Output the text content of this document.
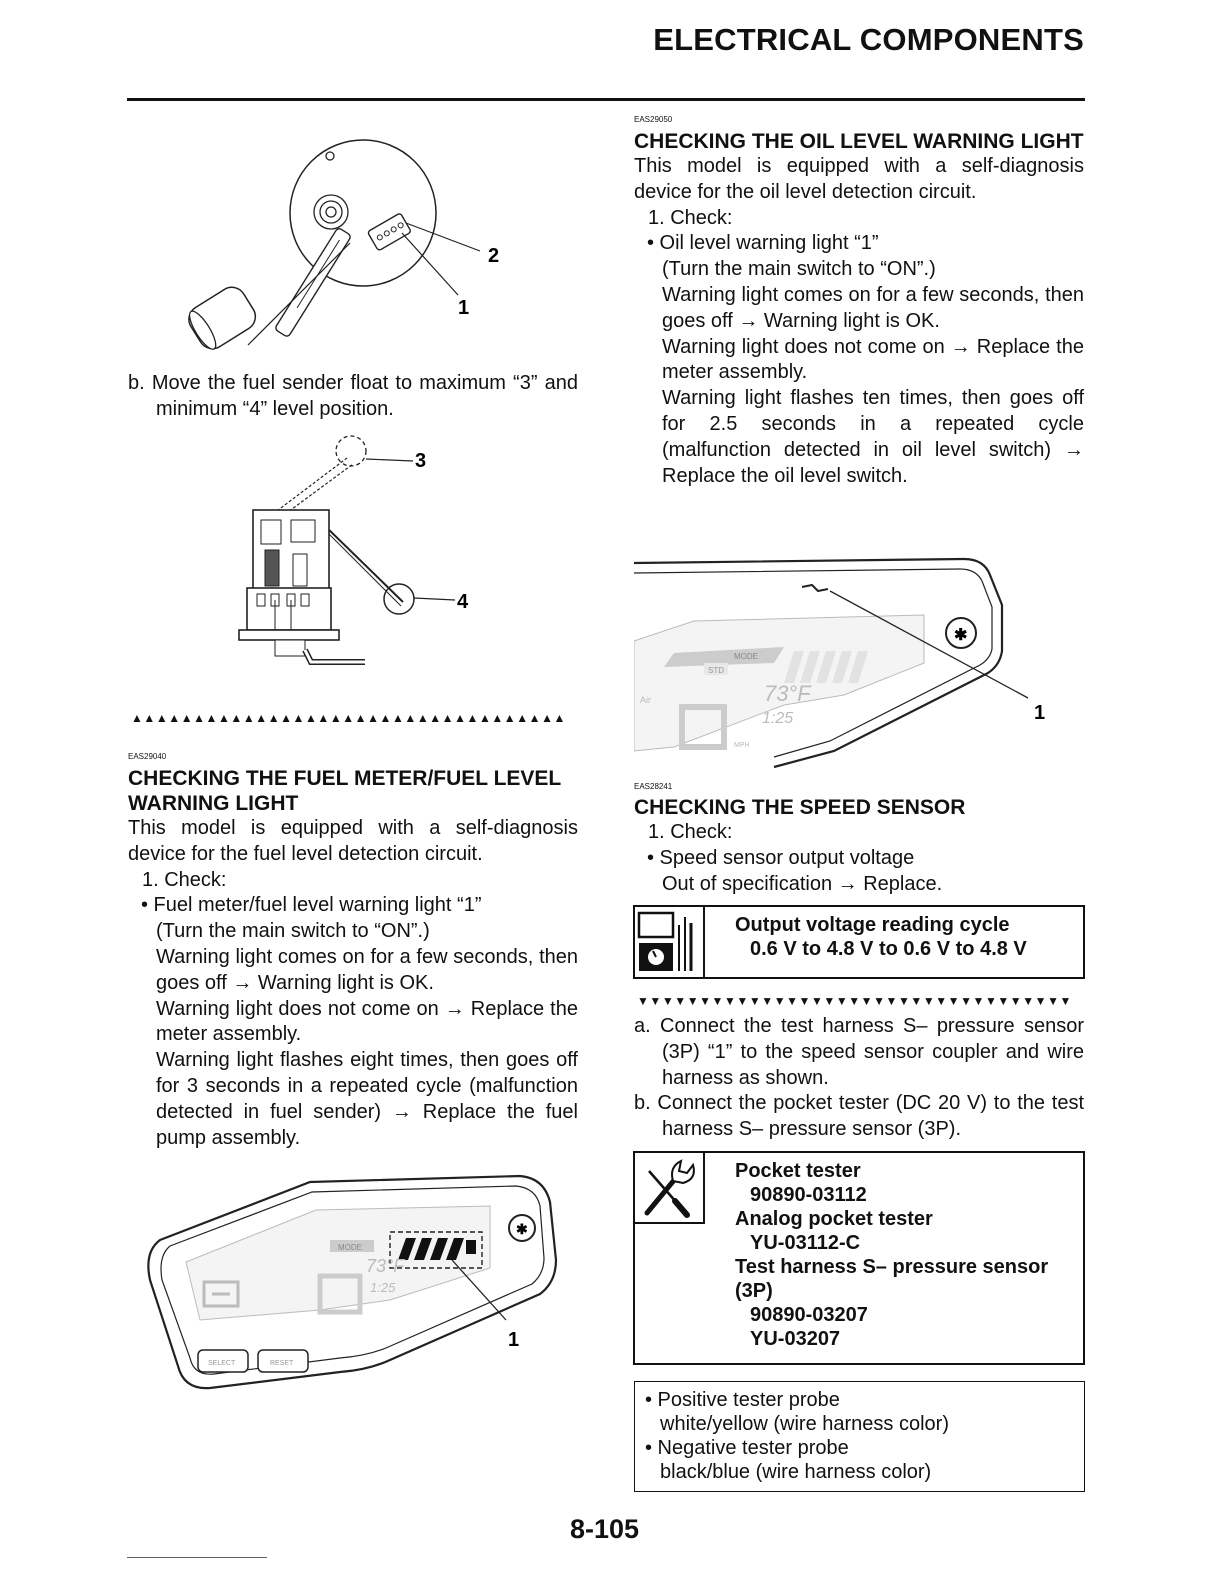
ELECTRICAL COMPONENTS
2
1

b. Move the fuel sender float to maximum “3” and minimum “4” level position.

3
4
▲▲▲▲▲▲▲▲▲▲▲▲▲▲▲▲▲▲▲▲▲▲▲▲▲▲▲▲▲▲▲▲▲▲▲

EAS29040

CHECKING THE FUEL METER/FUEL LEVEL WARNING LIGHT

This model is equipped with a self-diagnosis device for the fuel level detection circuit.

1. Check:

• Fuel meter/fuel level warning light “1”

(Turn the main switch to “ON”.)

Warning light comes on for a few seconds, then goes off → Warning light is OK.

Warning light does not come on → Replace the meter assembly.

Warning light flashes eight times, then goes off for 3 seconds in a repeated cycle (malfunction detected in fuel sender) → Replace the fuel pump assembly.

✱
MODE
73°F
1:25
SELECT	RESET
1

EAS29050

CHECKING THE OIL LEVEL WARNING LIGHT

This model is equipped with a self-diagnosis device for the oil level detection circuit.

1. Check:

• Oil level warning light “1”

(Turn the main switch to “ON”.)

Warning light comes on for a few seconds, then goes off → Warning light is OK.

Warning light does not come on → Replace the meter assembly.

Warning light flashes ten times, then goes off for 2.5 seconds in a repeated cycle (malfunction detected in oil level switch) → Replace the oil level switch.

✱
MODE
STD
73°F
1:25
Air
MPH
1

EAS28241

CHECKING THE SPEED SENSOR

1. Check:

• Speed sensor output voltage

Out of specification → Replace.

Output voltage reading cycle

0.6 V to 4.8 V to 0.6 V to 4.8 V

▼▼▼▼▼▼▼▼▼▼▼▼▼▼▼▼▼▼▼▼▼▼▼▼▼▼▼▼▼▼▼▼▼▼▼

a. Connect the test harness S– pressure sensor (3P) “1” to the speed sensor coupler and wire harness as shown.

b. Connect the pocket tester (DC 20 V) to the test harness S– pressure sensor (3P).

Pocket tester

90890-03112

Analog pocket tester

YU-03112-C

Test harness S– pressure sensor (3P)

90890-03207

YU-03207

• Positive tester probe

white/yellow (wire harness color)

• Negative tester probe

black/blue (wire harness color)

8-105
